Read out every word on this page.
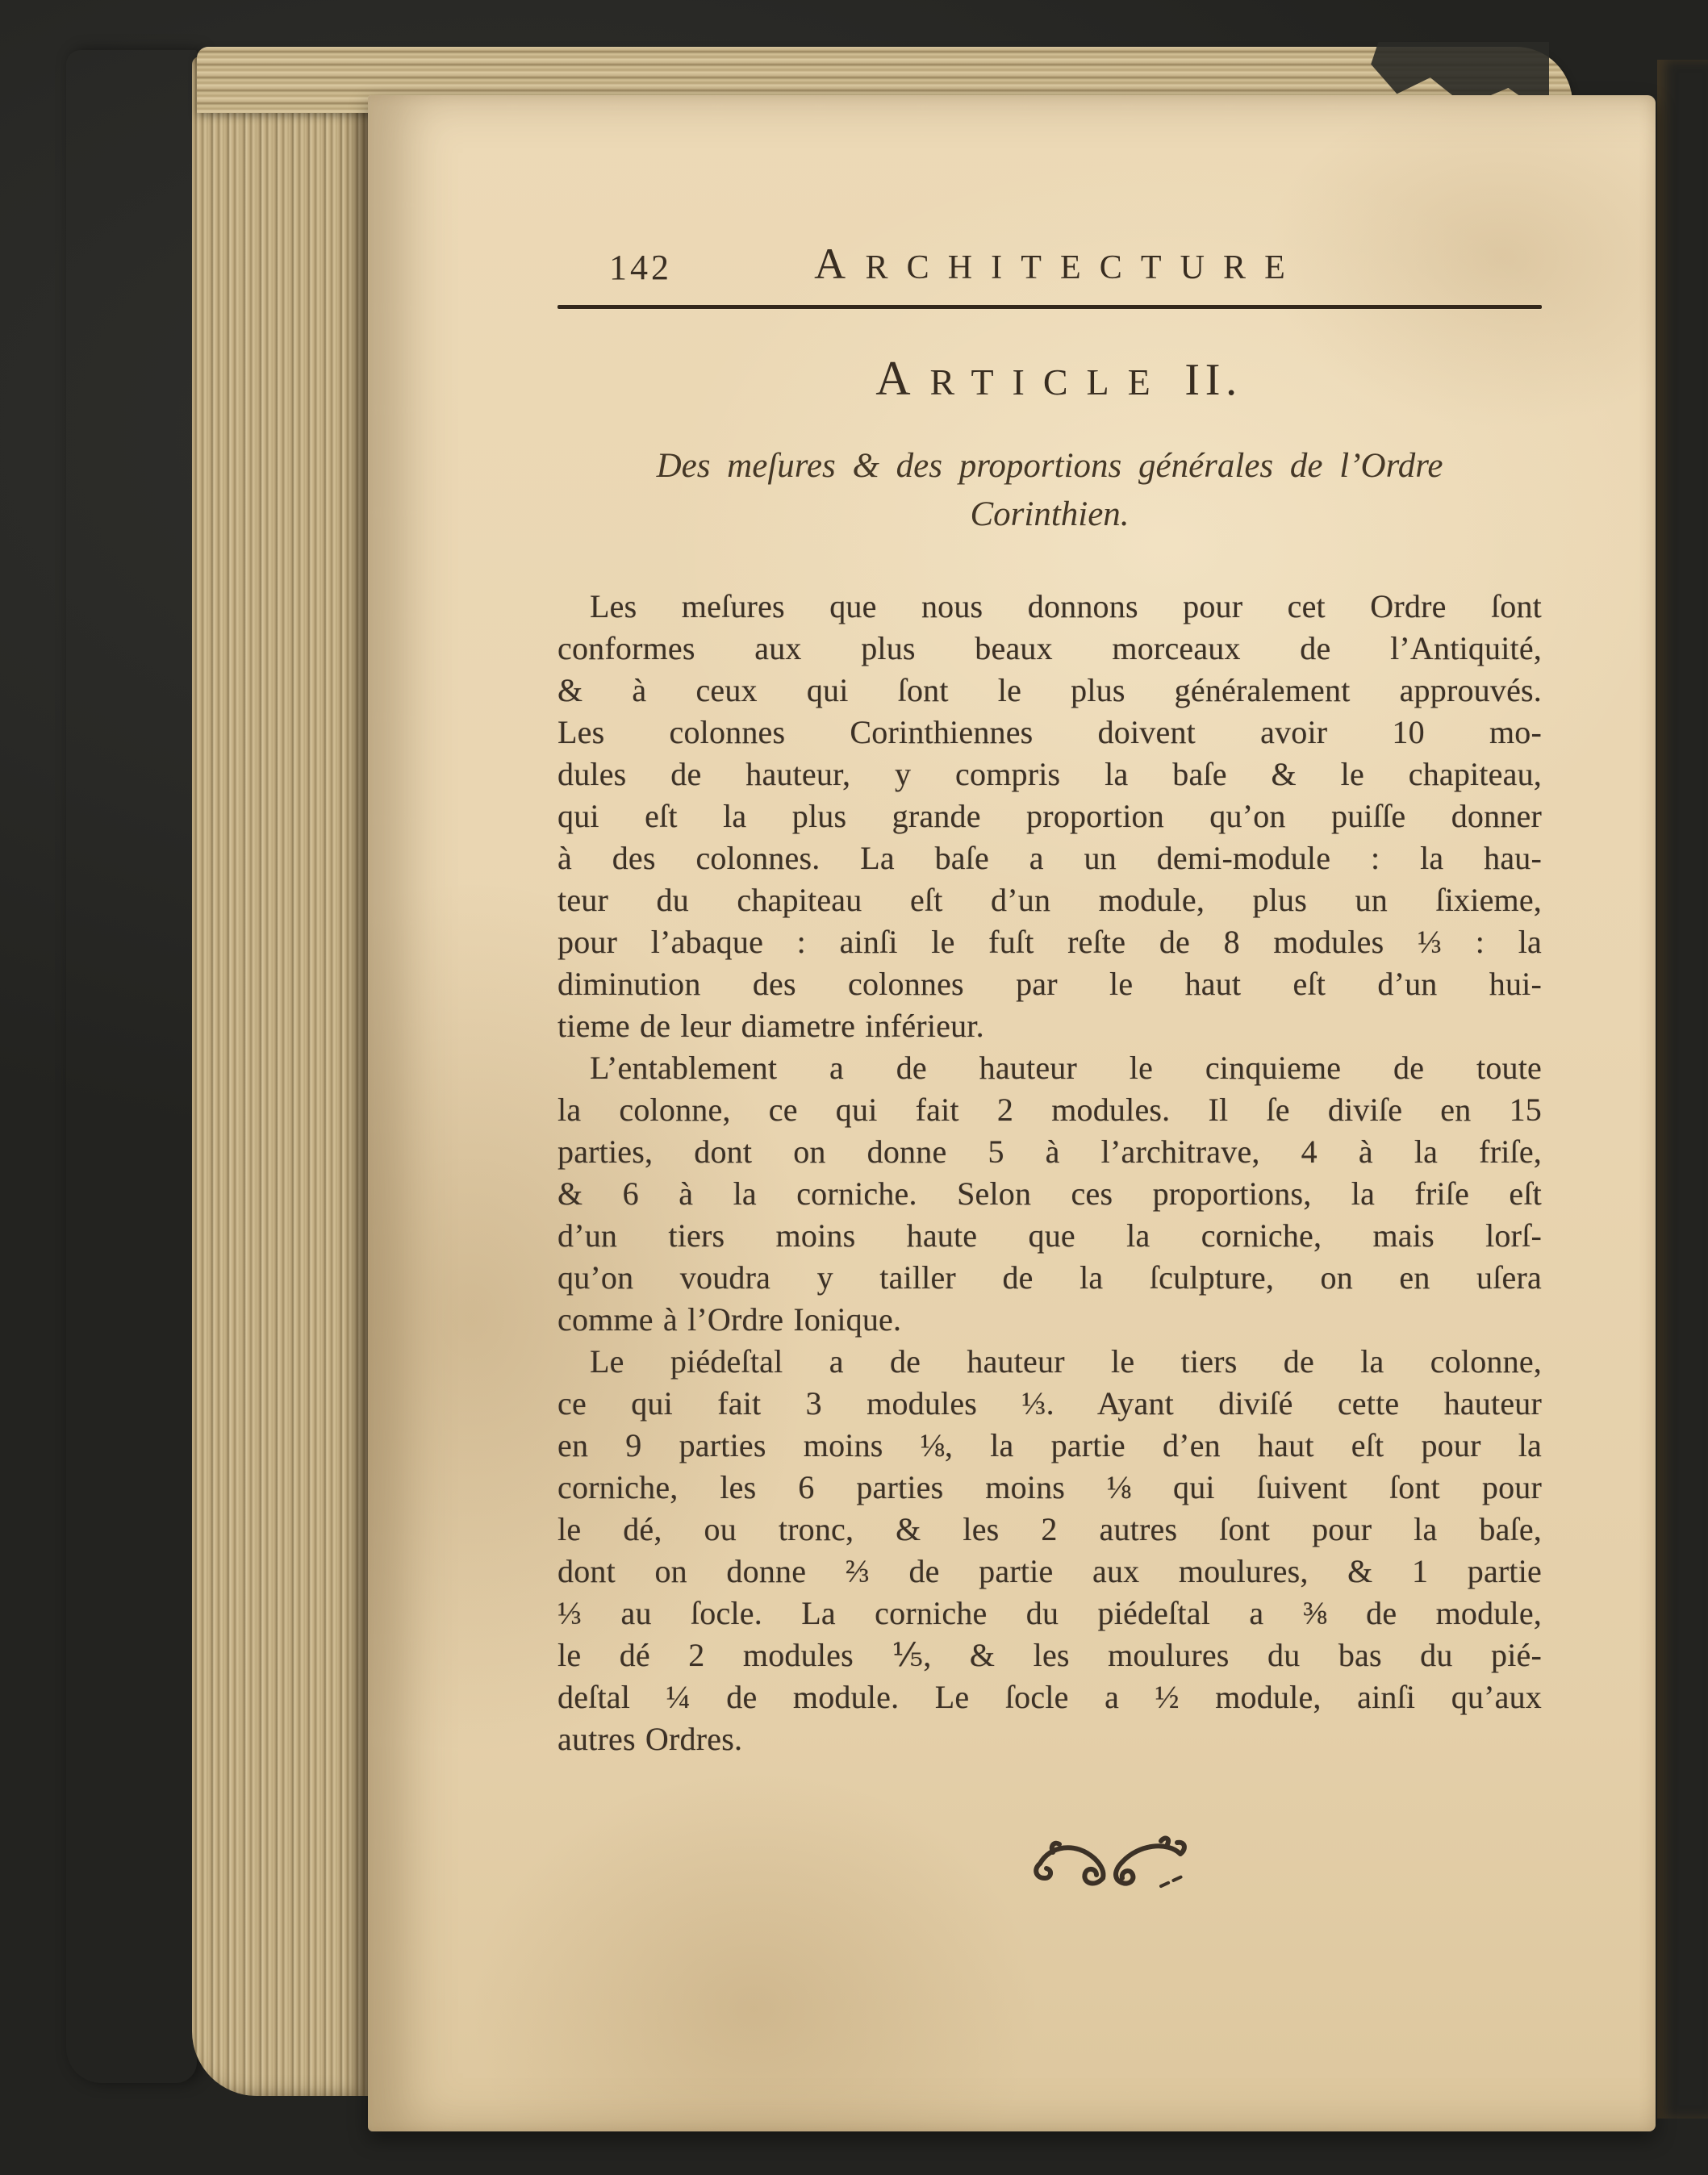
142	A RCHITECTURE
A RTICLE II.
Des meſures & des proportions générales de l’Ordre
Corinthien.
Les meſures que nous donnons pour cet Ordre ſont
conformes aux plus beaux morceaux de l’Antiquité,
& à ceux qui ſont le plus généralement approuvés.
Les colonnes Corinthiennes doivent avoir 10 mo-
dules de hauteur, y compris la baſe & le chapiteau,
qui eſt la plus grande proportion qu’on puiſſe donner
à des colonnes. La baſe a un demi-module : la hau-
teur du chapiteau eſt d’un module, plus un ſixieme,
pour l’abaque : ainſi le fuſt reſte de 8 modules ⅓ : la
diminution des colonnes par le haut eſt d’un hui-
tieme de leur diametre inférieur.
L’entablement a de hauteur le cinquieme de toute
la colonne, ce qui fait 2 modules. Il ſe diviſe en 15
parties, dont on donne 5 à l’architrave, 4 à la friſe,
& 6 à la corniche. Selon ces proportions, la friſe eſt
d’un tiers moins haute que la corniche, mais lorſ-
qu’on voudra y tailler de la ſculpture, on en uſera
comme à l’Ordre Ionique.
Le piédeſtal a de hauteur le tiers de la colonne,
ce qui fait 3 modules ⅓. Ayant diviſé cette hauteur
en 9 parties moins ⅛, la partie d’en haut eſt pour la
corniche, les 6 parties moins ⅛ qui ſuivent ſont pour
le dé, ou tronc, & les 2 autres ſont pour la baſe,
dont on donne ⅔ de partie aux moulures, & 1 partie
⅓ au ſocle. La corniche du piédeſtal a ⅜ de module,
le dé 2 modules ⅕, & les moulures du bas du pié-
deſtal ¼ de module. Le ſocle a ½ module, ainſi qu’aux
autres Ordres.
